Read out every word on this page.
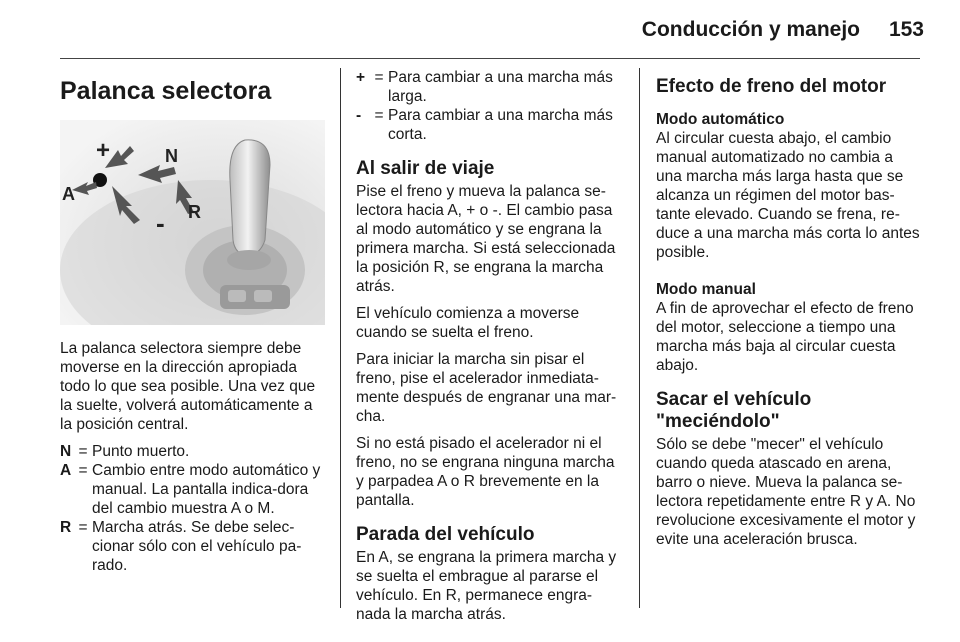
Conducción y manejo 153
Palanca selectora
+	N
A
R
-

La palanca selectora siempre debe moverse en la dirección apropiada todo lo que sea posible. Una vez que la suelte, volverá automáticamente a la posición central.

N = Punto muerto.
A = Cambio entre modo automático y manual. La pantalla indica-dora del cambio muestra A o M.
R = Marcha atrás. Se debe selec-cionar sólo con el vehículo pa-rado.
+ = Para cambiar a una marcha más larga.
- = Para cambiar a una marcha más corta.
Al salir de viaje

Pise el freno y mueva la palanca se-lectora hacia A, + o -. El cambio pasa al modo automático y se engrana la primera marcha. Si está seleccionada la posición R, se engrana la marcha atrás.

El vehículo comienza a moverse cuando se suelta el freno.

Para iniciar la marcha sin pisar el freno, pise el acelerador inmediata-mente después de engranar una mar-cha.

Si no está pisado el acelerador ni el freno, no se engrana ninguna marcha y parpadea A o R brevemente en la pantalla.

Parada del vehículo

En A, se engrana la primera marcha y se suelta el embrague al pararse el vehículo. En R, permanece engra-nada la marcha atrás.

Efecto de freno del motor
Modo automático

Al circular cuesta abajo, el cambio manual automatizado no cambia a una marcha más larga hasta que se alcanza un régimen del motor bas-tante elevado. Cuando se frena, re-duce a una marcha más corta lo antes posible.

Modo manual

A fin de aprovechar el efecto de freno del motor, seleccione a tiempo una marcha más baja al circular cuesta abajo.

Sacar el vehículo "meciéndolo"

Sólo se debe "mecer" el vehículo cuando queda atascado en arena, barro o nieve. Mueva la palanca se-lectora repetidamente entre R y A. No revolucione excesivamente el motor y evite una aceleración brusca.
